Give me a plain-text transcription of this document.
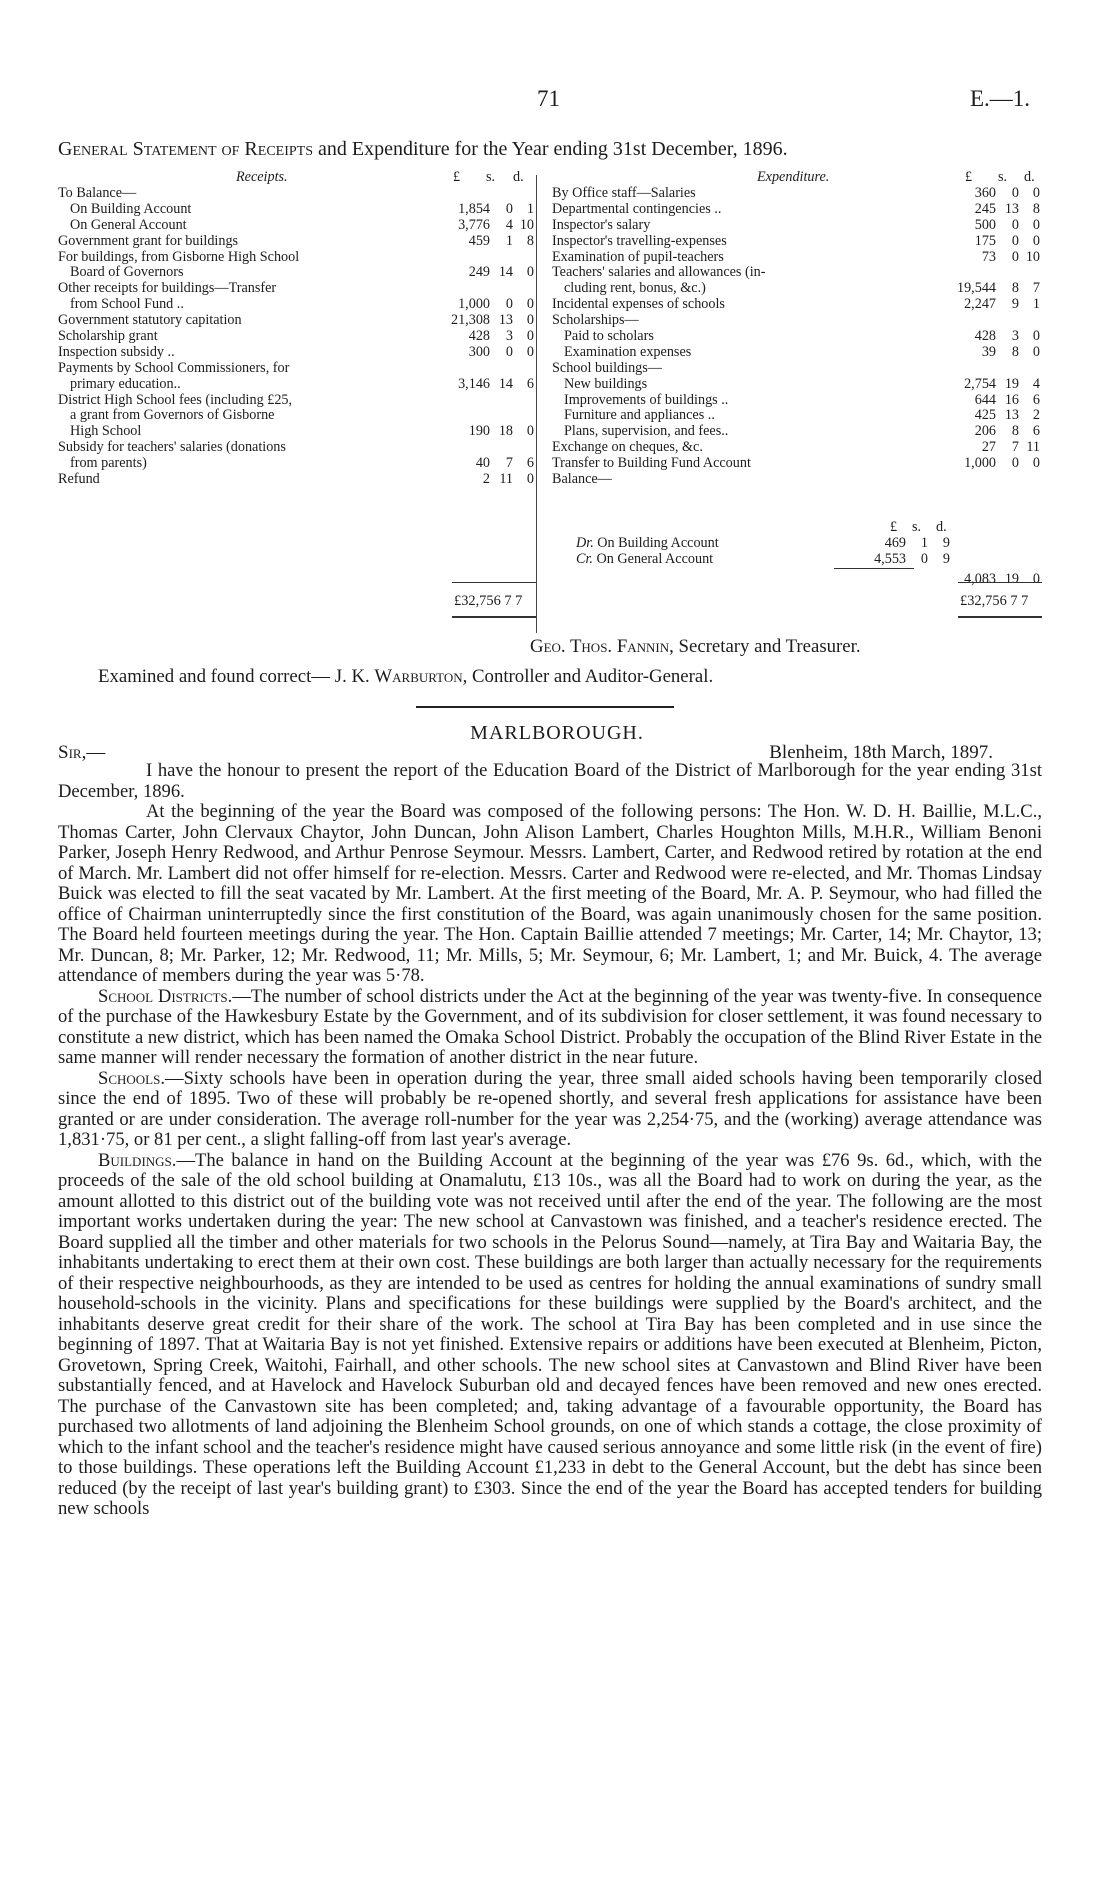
71	E.—1.
General Statement of Receipts and Expenditure for the Year ending 31st December, 1896.
Receipts.	£ s. d.	Expenditure.	£ s. d.
To Balance—
On Building Account	1,854	0 1
On General Account	3,776	4 10
Government grant for buildings	459	1 8
For buildings, from Gisborne High School
Board of Governors	249 14 0
Other receipts for buildings—Transfer
from School Fund ..	1,000	0 0
Government statutory capitation	21,308 13 0
Scholarship grant	428	3 0
Inspection subsidy ..	300	0 0
Payments by School Commissioners, for
primary education..	3,146 14 6
District High School fees (including £25,
a grant from Governors of Gisborne
High School	190 18 0
Subsidy for teachers' salaries (donations
from parents)	40	7 6
Refund	2 11 0
By Office staff—Salaries	360	0 0
Departmental contingencies ..	245 13 8
Inspector's salary	500	0 0
Inspector's travelling-expenses	175	0 0
Examination of pupil-teachers	73	0 10
Teachers' salaries and allowances (in-
cluding rent, bonus, &c.)	19,544	8 7
Incidental expenses of schools	2,247	9 1
Scholarships—
Paid to scholars	428	3 0
Examination expenses	39	8 0
School buildings—
New buildings	2,754 19 4
Improvements of buildings ..	644 16 6
Furniture and appliances ..	425 13 2
Plans, supervision, and fees..	206	8 6
Exchange on cheques, &c.	27	7 11
Transfer to Building Fund Account	1,000	0 0
Balance—
£ s. d.
Dr. On Building Account	469	1	9
Cr. On General Account	4,553	0	9
4,083 19 0
£32,756 7 7	£32,756 7 7
Geo. Thos. Fannin, Secretary and Treasurer.
Examined and found correct— J. K. Warburton, Controller and Auditor-General.
MARLBOROUGH.
Sir,—	Blenheim, 18th March, 1897.

I have the honour to present the report of the Education Board of the District of Marlborough for the year ending 31st December, 1896.

At the beginning of the year the Board was composed of the following persons: The Hon. W. D. H. Baillie, M.L.C., Thomas Carter, John Clervaux Chaytor, John Duncan, John Alison Lambert, Charles Houghton Mills, M.H.R., William Benoni Parker, Joseph Henry Redwood, and Arthur Penrose Seymour. Messrs. Lambert, Carter, and Redwood retired by rotation at the end of March. Mr. Lambert did not offer himself for re-election. Messrs. Carter and Redwood were re-elected, and Mr. Thomas Lindsay Buick was elected to fill the seat vacated by Mr. Lambert. At the first meeting of the Board, Mr. A. P. Seymour, who had filled the office of Chairman uninterruptedly since the first constitution of the Board, was again unanimously chosen for the same position. The Board held fourteen meetings during the year. The Hon. Captain Baillie attended 7 meetings; Mr. Carter, 14; Mr. Chaytor, 13; Mr. Duncan, 8; Mr. Parker, 12; Mr. Redwood, 11; Mr. Mills, 5; Mr. Seymour, 6; Mr. Lambert, 1; and Mr. Buick, 4. The average attendance of members during the year was 5·78.

School Districts.—The number of school districts under the Act at the beginning of the year was twenty-five. In consequence of the purchase of the Hawkesbury Estate by the Government, and of its subdivision for closer settlement, it was found necessary to constitute a new district, which has been named the Omaka School District. Probably the occupation of the Blind River Estate in the same manner will render necessary the formation of another district in the near future.

Schools.—Sixty schools have been in operation during the year, three small aided schools having been temporarily closed since the end of 1895. Two of these will probably be re-opened shortly, and several fresh applications for assistance have been granted or are under consideration. The average roll-number for the year was 2,254·75, and the (working) average attendance was 1,831·75, or 81 per cent., a slight falling-off from last year's average.

Buildings.—The balance in hand on the Building Account at the beginning of the year was £76 9s. 6d., which, with the proceeds of the sale of the old school building at Onamalutu, £13 10s., was all the Board had to work on during the year, as the amount allotted to this district out of the building vote was not received until after the end of the year. The following are the most important works undertaken during the year: The new school at Canvastown was finished, and a teacher's residence erected. The Board supplied all the timber and other materials for two schools in the Pelorus Sound—namely, at Tira Bay and Waitaria Bay, the inhabitants undertaking to erect them at their own cost. These buildings are both larger than actually necessary for the requirements of their respective neighbourhoods, as they are intended to be used as centres for holding the annual examinations of sundry small household-schools in the vicinity. Plans and specifications for these buildings were supplied by the Board's architect, and the inhabitants deserve great credit for their share of the work. The school at Tira Bay has been completed and in use since the beginning of 1897. That at Waitaria Bay is not yet finished. Extensive repairs or additions have been executed at Blenheim, Picton, Grovetown, Spring Creek, Waitohi, Fairhall, and other schools. The new school sites at Canvastown and Blind River have been substantially fenced, and at Havelock and Havelock Suburban old and decayed fences have been removed and new ones erected. The purchase of the Canvastown site has been completed; and, taking advantage of a favourable opportunity, the Board has purchased two allotments of land adjoining the Blenheim School grounds, on one of which stands a cottage, the close proximity of which to the infant school and the teacher's residence might have caused serious annoyance and some little risk (in the event of fire) to those buildings. These operations left the Building Account £1,233 in debt to the General Account, but the debt has since been reduced (by the receipt of last year's building grant) to £303. Since the end of the year the Board has accepted tenders for building new schools
